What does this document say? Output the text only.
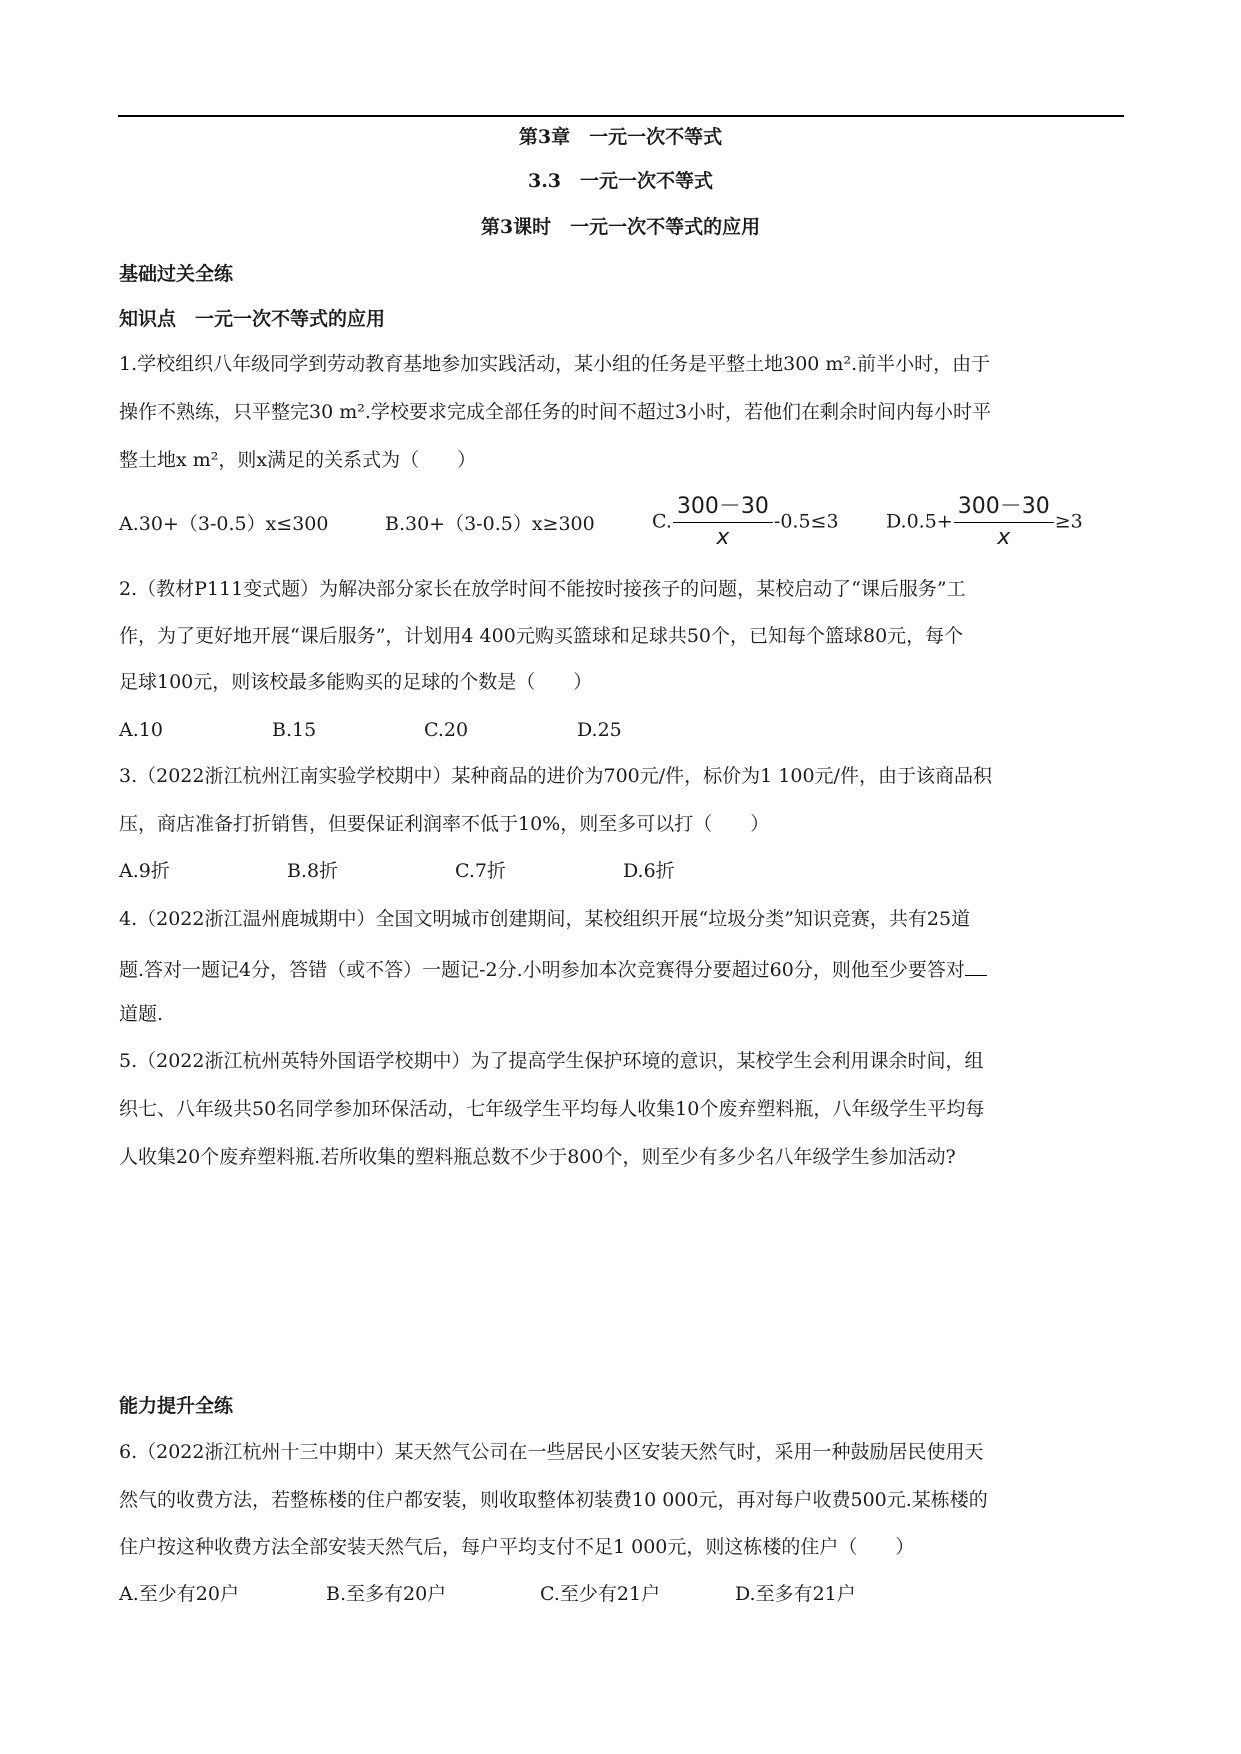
第3章　一元一次不等式
3.3　一元一次不等式
第3课时　一元一次不等式的应用
基础过关全练
知识点　一元一次不等式的应用
1.学校组织八年级同学到劳动教育基地参加实践活动，某小组的任务是平整土地300 m².前半小时，由于
操作不熟练，只平整完30 m².学校要求完成全部任务的时间不超过3小时，若他们在剩余时间内每小时平
整土地x m²，则x满足的关系式为（　　）
A.30+（3-0.5）x≤300	B.30+（3-0.5）x≥300	C. $\frac{300-30}{x} -0.5\le 3$ $D.0.5+ \frac{300-30}{x} \ge 3$
2.（教材P111变式题）为解决部分家长在放学时间不能按时接孩子的问题，某校启动了“课后服务”工
作，为了更好地开展“课后服务”，计划用4 400元购买篮球和足球共50个，已知每个篮球80元，每个
足球100元，则该校最多能购买的足球的个数是（　　）
A.10	B.15	C.20	D.25
3.（2022浙江杭州江南实验学校期中）某种商品的进价为700元/件，标价为1 100元/件，由于该商品积
压，商店准备打折销售，但要保证利润率不低于10%，则至多可以打（　　）
A.9折	B.8折	C.7折	D.6折
4.（2022浙江温州鹿城期中）全国文明城市创建期间，某校组织开展“垃圾分类”知识竞赛，共有25道
题.答对一题记4分，答错（或不答）一题记-2分.小明参加本次竞赛得分要超过60分，则他至少要答对
道题.
5.（2022浙江杭州英特外国语学校期中）为了提高学生保护环境的意识，某校学生会利用课余时间，组
织七、八年级共50名同学参加环保活动，七年级学生平均每人收集10个废弃塑料瓶，八年级学生平均每
人收集20个废弃塑料瓶.若所收集的塑料瓶总数不少于800个，则至少有多少名八年级学生参加活动?
能力提升全练
6.（2022浙江杭州十三中期中）某天然气公司在一些居民小区安装天然气时，采用一种鼓励居民使用天
然气的收费方法，若整栋楼的住户都安装，则收取整体初装费10 000元，再对每户收费500元.某栋楼的
住户按这种收费方法全部安装天然气后，每户平均支付不足1 000元，则这栋楼的住户（　　）
A.至少有20户	B.至多有20户	C.至少有21户	D.至多有21户
